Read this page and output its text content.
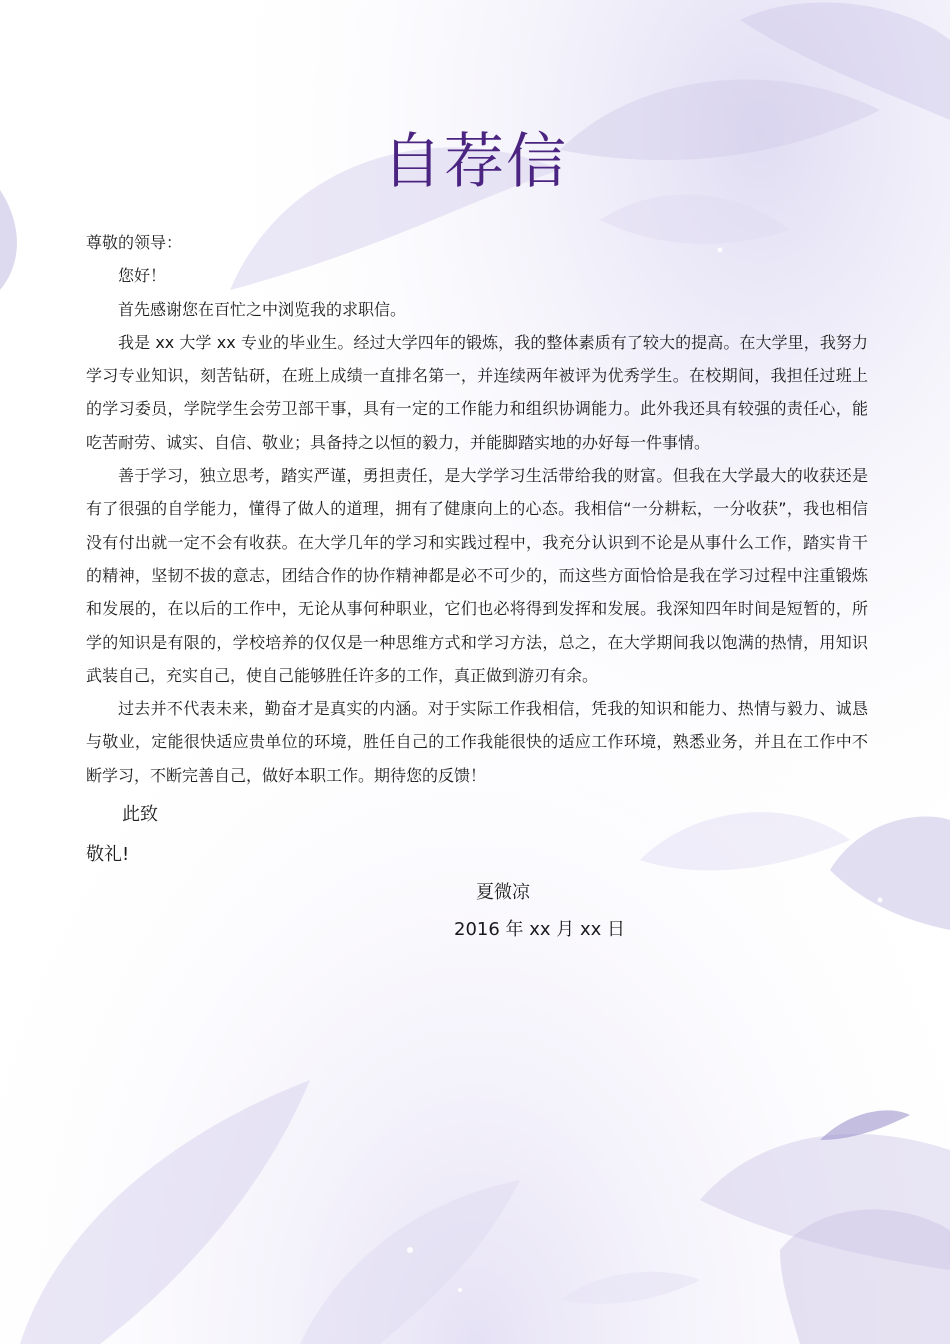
自荐信

尊敬的领导：

您好！

首先感谢您在百忙之中浏览我的求职信。

我是 xx 大学 xx 专业的毕业生。经过大学四年的锻炼，我的整体素质有了较大的提高。在大学里，我努力学习专业知识，刻苦钻研，在班上成绩一直排名第一，并连续两年被评为优秀学生。在校期间，我担任过班上的学习委员，学院学生会劳卫部干事，具有一定的工作能力和组织协调能力。此外我还具有较强的责任心，能吃苦耐劳、诚实、自信、敬业；具备持之以恒的毅力，并能脚踏实地的办好每一件事情。

善于学习，独立思考，踏实严谨，勇担责任，是大学学习生活带给我的财富。但我在大学最大的收获还是有了很强的自学能力，懂得了做人的道理，拥有了健康向上的心态。我相信“一分耕耘，一分收获”，我也相信没有付出就一定不会有收获。在大学几年的学习和实践过程中，我充分认识到不论是从事什么工作，踏实肯干的精神，坚韧不拔的意志，团结合作的协作精神都是必不可少的，而这些方面恰恰是我在学习过程中注重锻炼和发展的，在以后的工作中，无论从事何种职业，它们也必将得到发挥和发展。我深知四年时间是短暂的，所学的知识是有限的，学校培养的仅仅是一种思维方式和学习方法，总之，在大学期间我以饱满的热情，用知识武装自己，充实自己，使自己能够胜任许多的工作，真正做到游刃有余。

过去并不代表未来，勤奋才是真实的内涵。对于实际工作我相信，凭我的知识和能力、热情与毅力、诚恳与敬业，定能很快适应贵单位的环境，胜任自己的工作我能很快的适应工作环境，熟悉业务，并且在工作中不断学习，不断完善自己，做好本职工作。期待您的反馈！

此致
敬礼!
夏微凉
2016 年 xx 月 xx 日
